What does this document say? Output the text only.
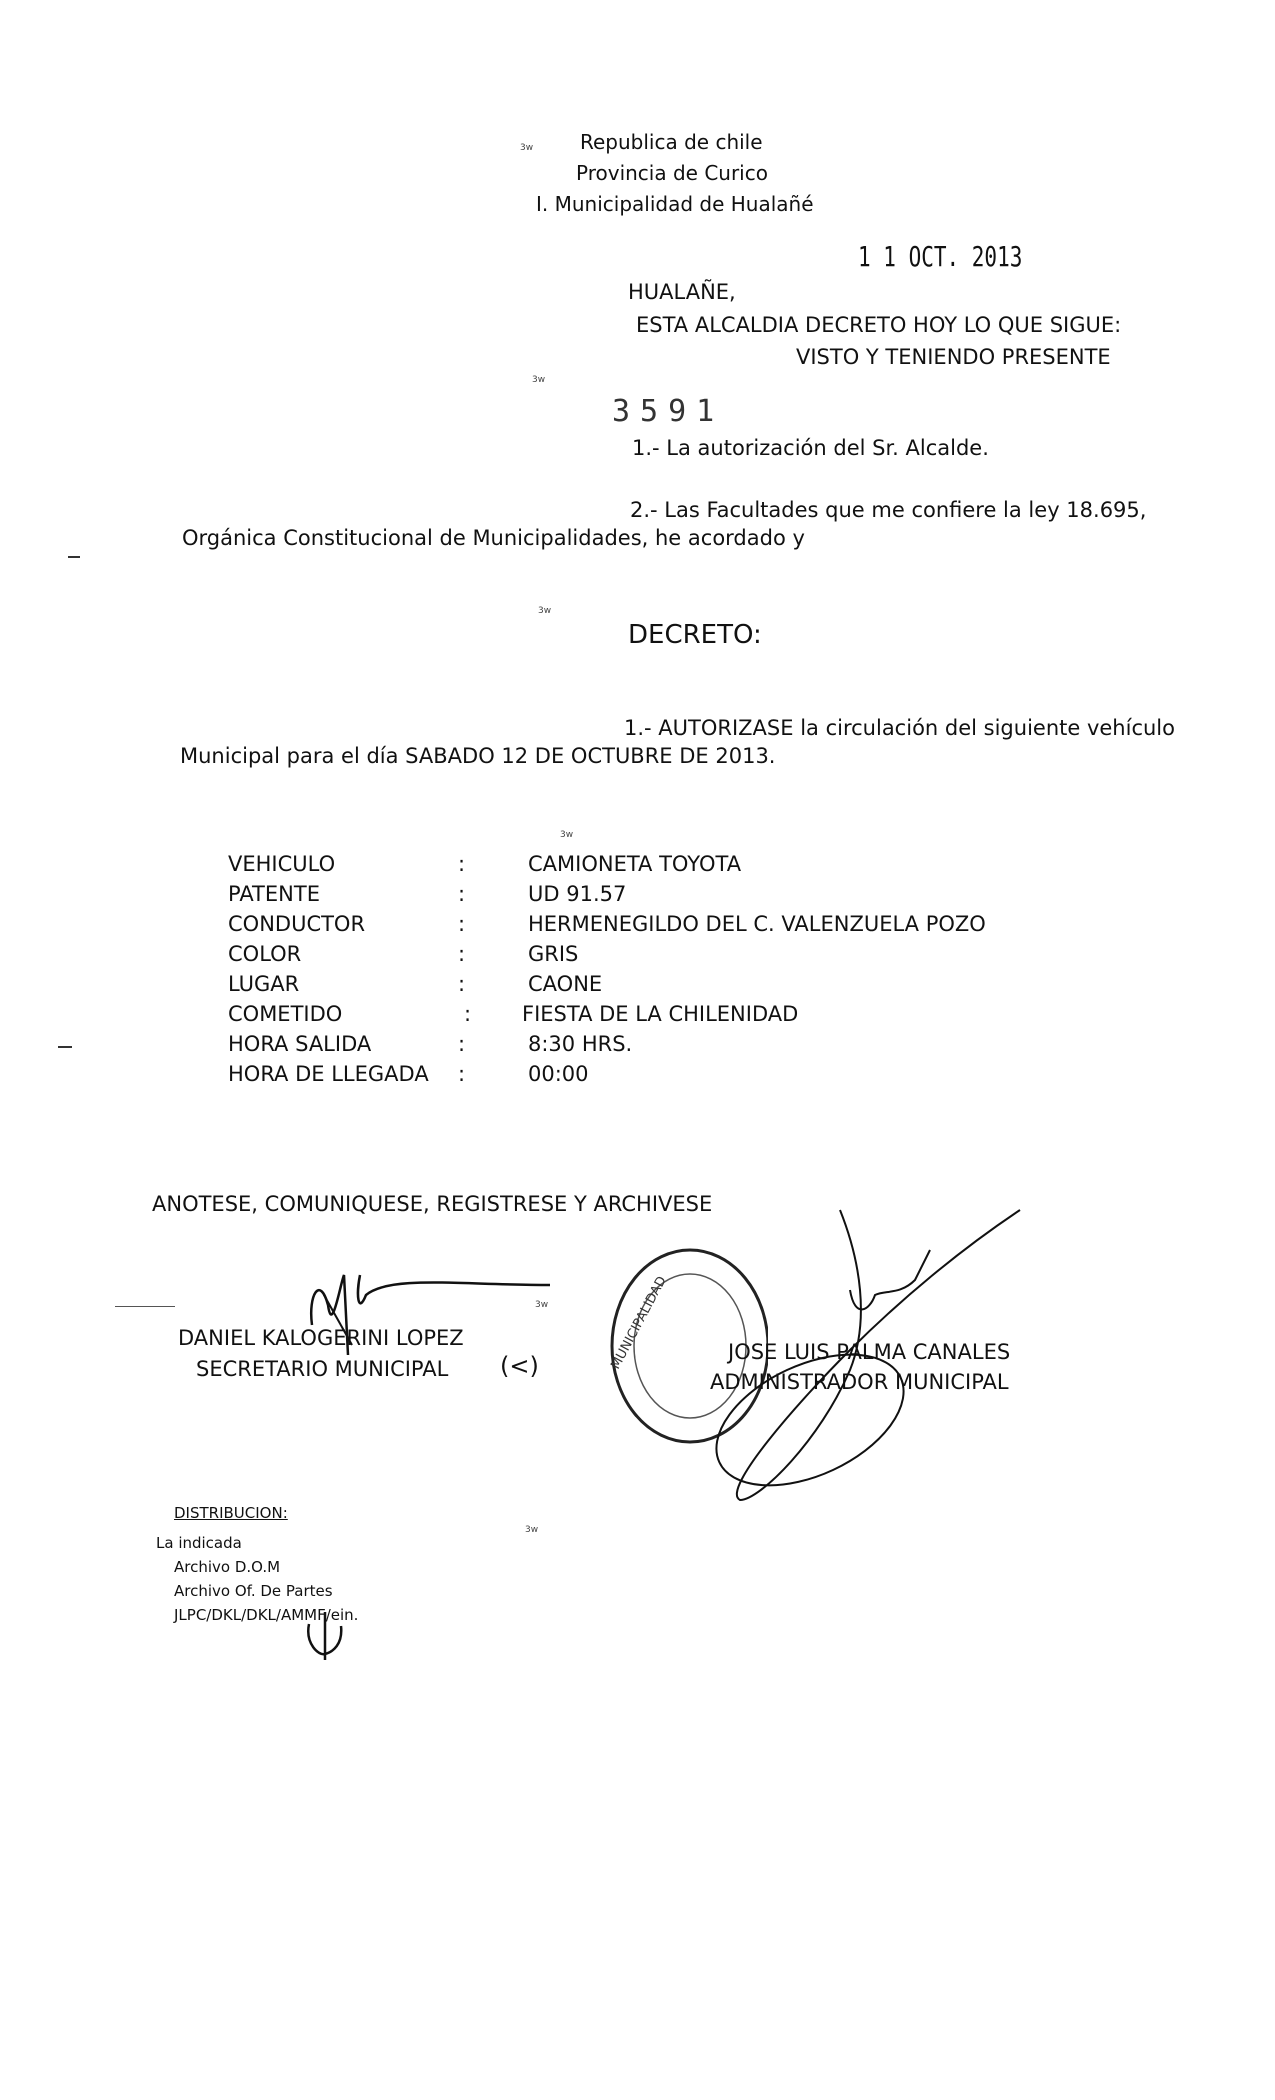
3w
3w
3w
3w
3w
3w
Republica de chile
Provincia de Curico
I. Municipalidad de Hualañé
1 1 OCT. 2013
HUALAÑE,
ESTA ALCALDIA DECRETO HOY LO QUE SIGUE:
VISTO Y TENIENDO PRESENTE
3591
1.- La autorización del Sr. Alcalde.
2.- Las Facultades que me confiere la ley 18.695,
Orgánica Constitucional de Municipalidades, he acordado y
DECRETO:
1.- AUTORIZASE la circulación del siguiente vehículo
Municipal para el día SABADO 12 DE OCTUBRE DE 2013.
VEHICULO	:	CAMIONETA TOYOTA
PATENTE	:	UD 91.57
CONDUCTOR	:	HERMENEGILDO DEL C. VALENZUELA POZO
COLOR	:	GRIS
LUGAR	:	CAONE
COMETIDO	: FIESTA DE LA CHILENIDAD
HORA SALIDA	:	8:30 HRS.
HORA DE LLEGADA :	00:00
ANOTESE, COMUNIQUESE, REGISTRESE Y ARCHIVESE
MUNICIPALIDAD
DANIEL KALOGERINI LOPEZ
SECRETARIO MUNICIPAL (<)	JOSE LUIS PALMA CANALES
ADMINISTRADOR MUNICIPAL
DISTRIBUCION:
La indicada
Archivo D.O.M
Archivo Of. De Partes
JLPC/DKL/DKL/AMMF/ein.
